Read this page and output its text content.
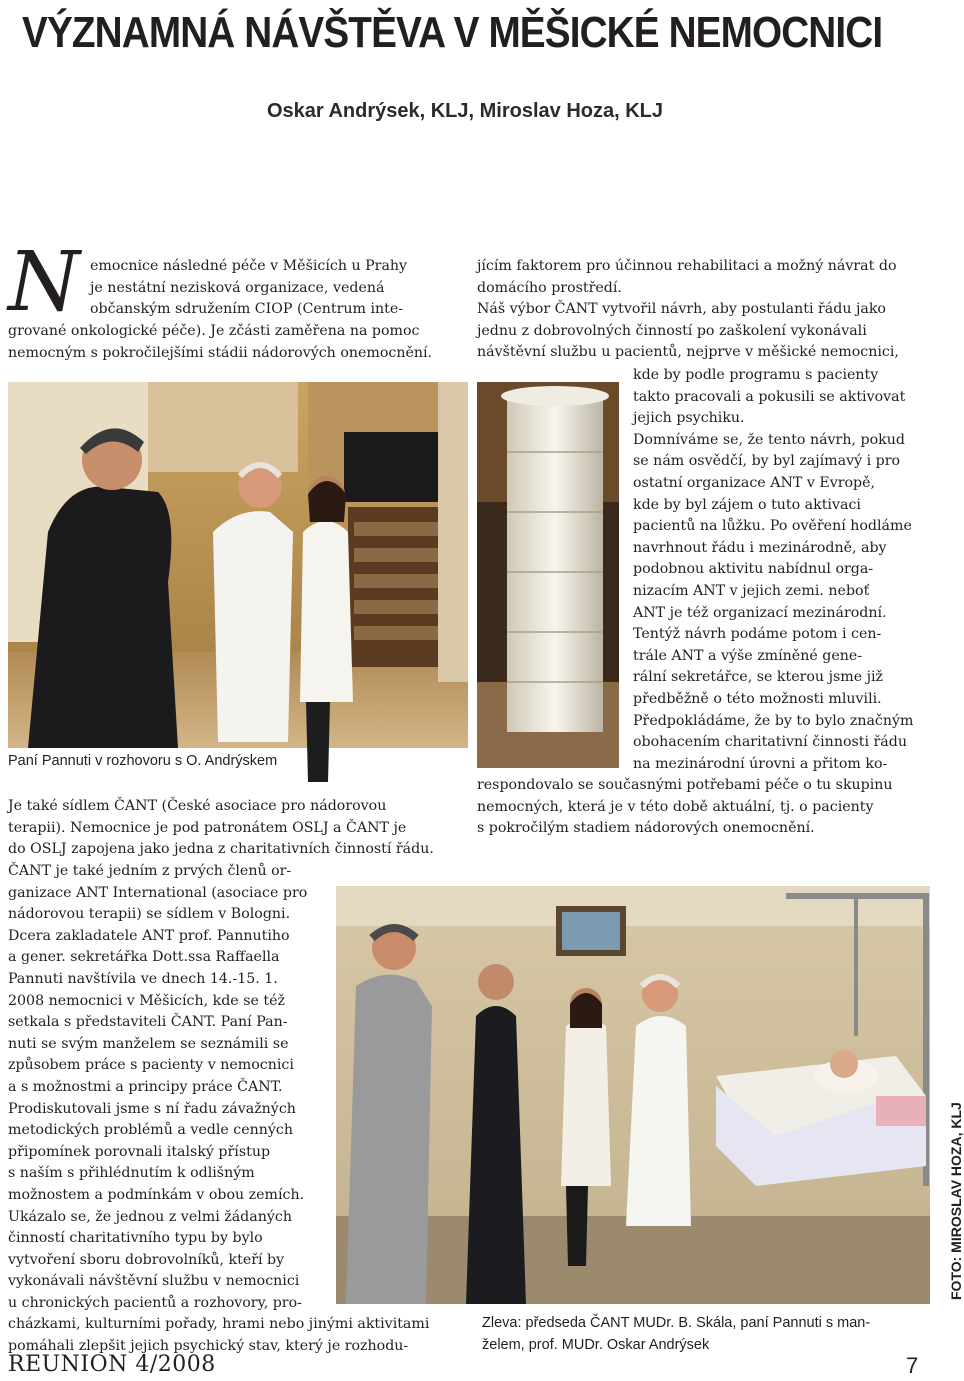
VÝZNAMNÁ NÁVŠTĚVA V MĚŠICKÉ NEMOCNICI
Oskar Andrýsek, KLJ, Miroslav Hoza, KLJ
N emocnice následné péče v Měšicích u Prahy
je nestátní nezisková organizace, vedená
občanským sdružením CIOP (Centrum inte-
grované onkologické péče). Je zčásti zaměřena na pomoc
nemocným s pokročilejšími stádii nádorových onemocnění.
Paní Pannuti v rozhovoru s O. Andrýskem
Je také sídlem ČANT (České asociace pro nádorovou
terapii). Nemocnice je pod patronátem OSLJ a ČANT je
do OSLJ zapojena jako jedna z charitativních činností řádu.
ČANT je také jedním z prvých členů or-
ganizace ANT International (asociace pro
nádorovou terapii) se sídlem v Bologni.
Dcera zakladatele ANT prof. Pannutiho
a gener. sekretářka Dott.ssa Raffaella
Pannuti navštívila ve dnech 14.-15. 1.
2008 nemocnici v Měšicích, kde se též
setkala s představiteli ČANT. Paní Pan-
nuti se svým manželem se seznámili se
způsobem práce s pacienty v nemocnici
a s možnostmi a principy práce ČANT.
Prodiskutovali jsme s ní řadu závažných
metodických problémů a vedle cenných
připomínek porovnali italský přístup
s naším s přihlédnutím k odlišným
možnostem a podmínkám v obou zemích.
Ukázalo se, že jednou z velmi žádaných
činností charitativního typu by bylo
vytvoření sboru dobrovolníků, kteří by
vykonávali návštěvní službu v nemocnici
u chronických pacientů a rozhovory, pro-
cházkami, kulturními pořady, hrami nebo jinými aktivitami
pomáhali zlepšit jejich psychický stav, který je rozhodu-
jícím faktorem pro účinnou rehabilitaci a možný návrat do
domácího prostředí.
Náš výbor ČANT vytvořil návrh, aby postulanti řádu jako
jednu z dobrovolných činností po zaškolení vykonávali
návštěvní službu u pacientů, nejprve v měšické nemocnici,
kde by podle programu s pacienty
takto pracovali a pokusili se aktivovat
jejich psychiku.
Domníváme se, že tento návrh, pokud
se nám osvědčí, by byl zajímavý i pro
ostatní organizace ANT v Evropě,
kde by byl zájem o tuto aktivaci
pacientů na lůžku. Po ověření hodláme
navrhnout řádu i mezinárodně, aby
podobnou aktivitu nabídnul orga-
nizacím ANT v jejich zemi. neboť
ANT je též organizací mezinárodní.
Tentýž návrh podáme potom i cen-
trále ANT a výše zmíněné gene-
rální sekretářce, se kterou jsme již
předběžně o této možnosti mluvili.
Předpokládáme, že by to bylo značným
obohacením charitativní činnosti řádu
na mezinárodní úrovni a přitom ko-
respondovalo se současnými potřebami péče o tu skupinu
nemocných, která je v této době aktuální, tj. o pacienty
s pokročilým stadiem nádorových onemocnění.
Zleva: předseda ČANT MUDr. B. Skála, paní Pannuti s man-
želem, prof. MUDr. Oskar Andrýsek
FOTO: MIROSLAV HOZA, KLJ
REUNION 4/2008	7
